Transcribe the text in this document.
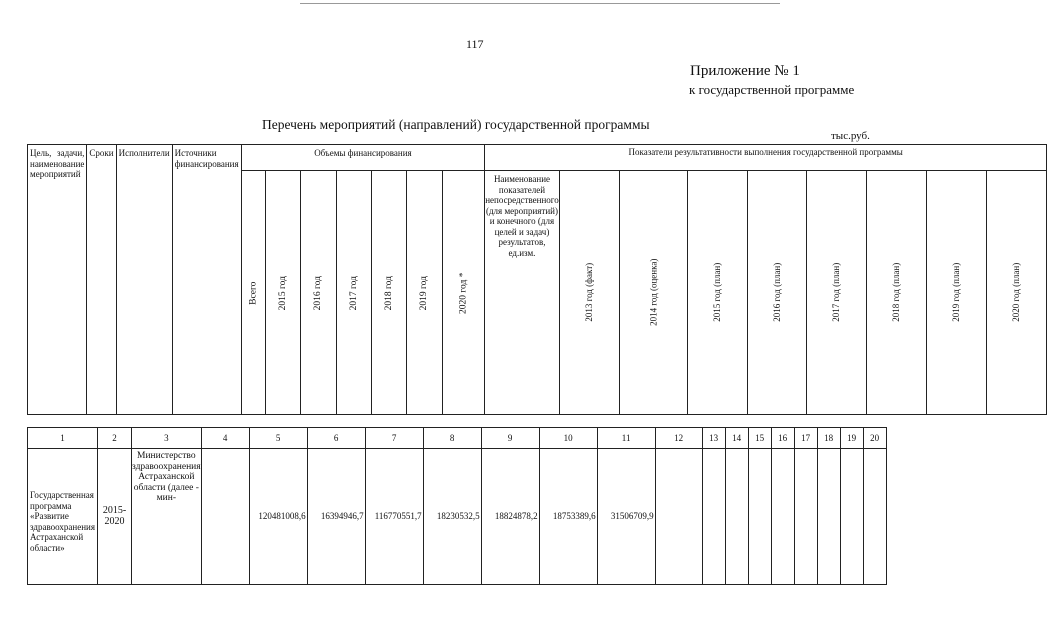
117
Приложение № 1
к государственной программе
Перечень мероприятий (направлений) государственной программы
тыс.руб.
Цель, задачи, наименование мероприятий	Сроки	Исполнители	Источники финансирования	Объемы финансирования							Показатели результативности выполнения государственной программы								
				Всего	2015 год	2016 год	2017 год	2018 год	2019 год	2020 год *	Наименование показателей непосредственного (для мероприятий) и конечного (для целей и задач) результатов, ед.изм.	2013 год (факт)	2014 год (оценка)	2015 год (план)	2016 год (план)	2017 год (план)	2018 год (план)	2019 год (план)	2020 год (план)
1	2	3	4	5	6	7	8	9	10	11	12	13	14	15	16	17	18	19	20
Государственная программа «Развитие здравоохранения Астраханской области»	2015-2020	Министерство здравоохранения Астраханской области (далее - мин-		120481008,6	16394946,7	116770551,7	18230532,5	18824878,2	18753389,6	31506709,9									
